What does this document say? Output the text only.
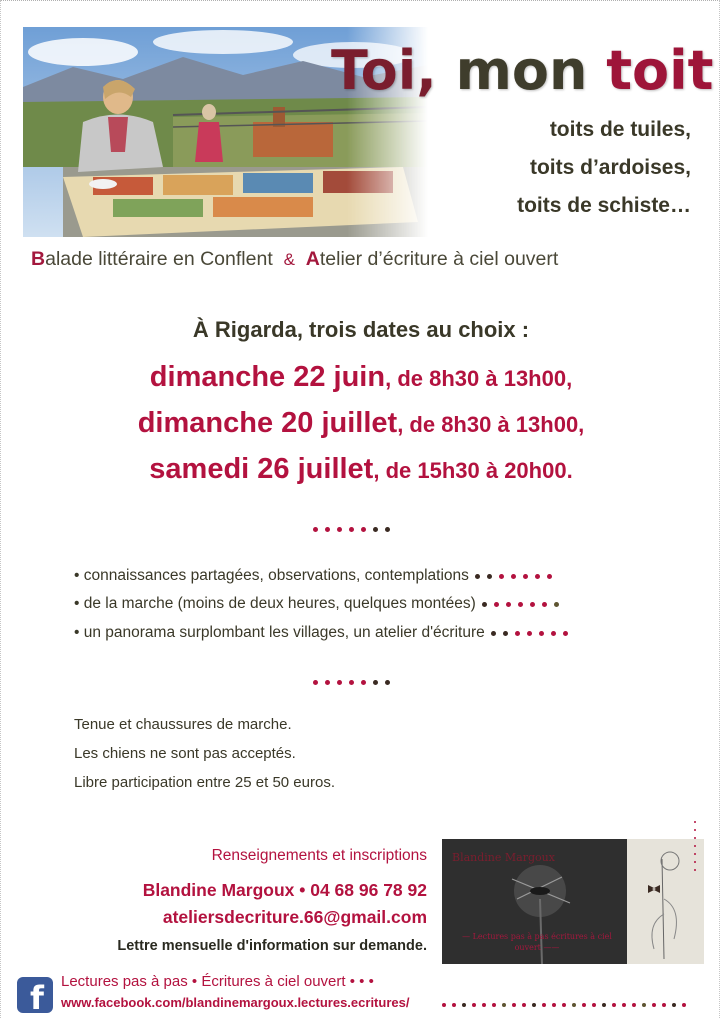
Toi, mon toit
toits de tuiles,
toits d’ardoises,
toits de schiste…
Balade littéraire en Conflent & Atelier d’écriture à ciel ouvert
À Rigarda, trois dates au choix :
dimanche 22 juin, de 8h30 à 13h00,
dimanche 20 juillet, de 8h30 à 13h00,
samedi 26 juillet, de 15h30 à 20h00.
• connaissances partagées, observations, contemplations
• de la marche (moins de deux heures, quelques montées)
• un panorama surplombant les villages, un atelier d'écriture
Tenue et chaussures de marche.
Les chiens ne sont pas acceptés.
Libre participation entre 25 et 50 euros.
Renseignements et inscriptions
Blandine Margoux • 04 68 96 78 92
ateliersdecriture.66@gmail.com
Lettre mensuelle d'information sur demande.
f Lectures pas à pas • Écritures à ciel ouvert • • •
www.facebook.com/blandinemargoux.lectures.ecritures/
Blandine Margoux
— Lectures pas à pas écritures à ciel ouvert ——
